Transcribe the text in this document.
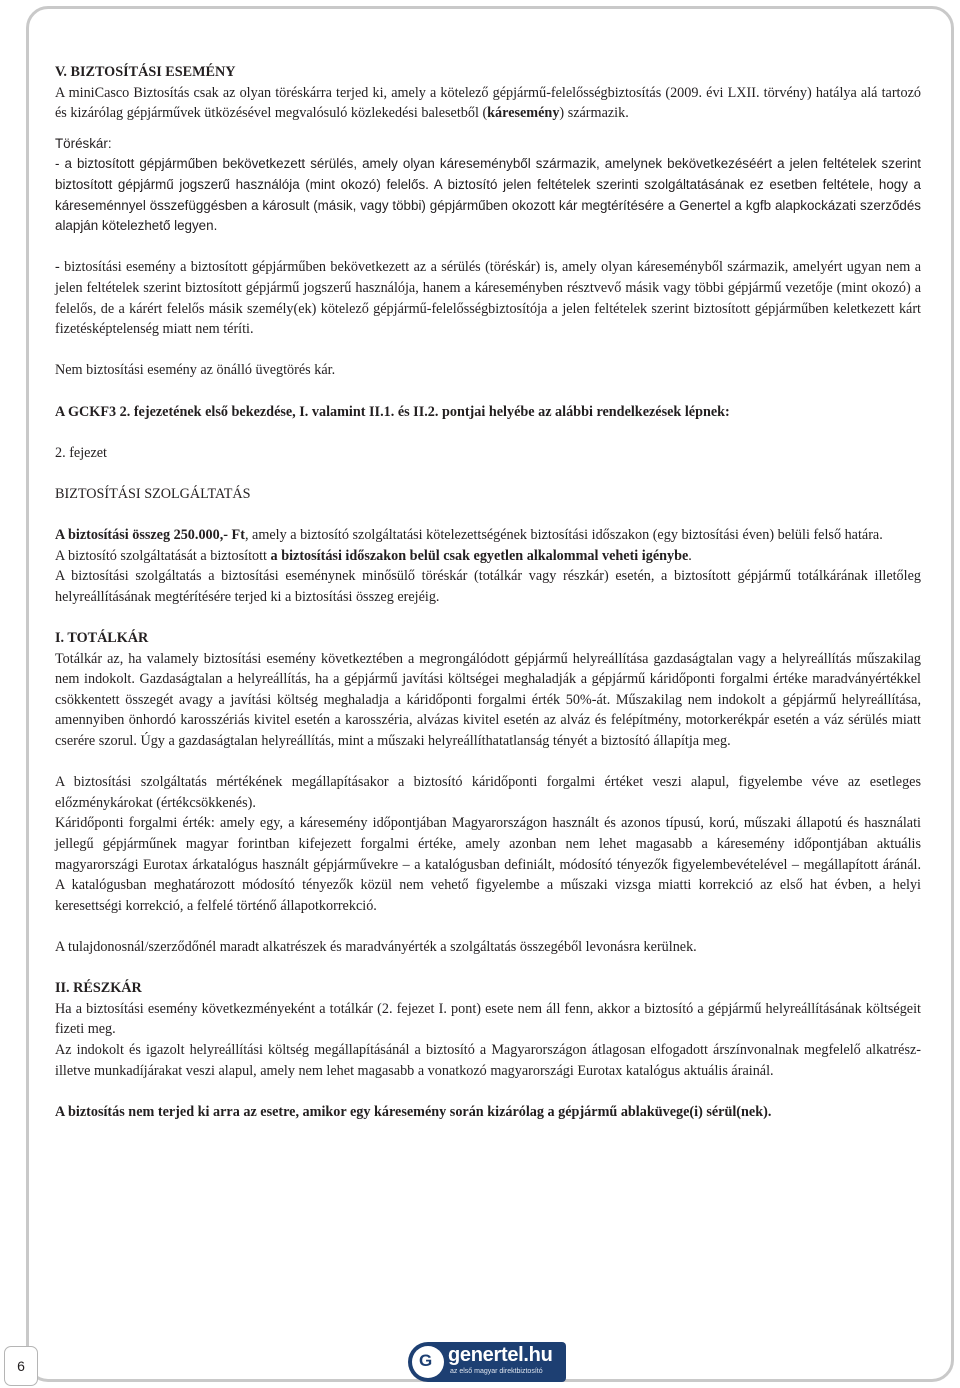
V. BIZTOSÍTÁSI ESEMÉNY

A miniCasco Biztosítás csak az olyan töréskárra terjed ki, amely a kötelező gépjármű-felelősségbiztosítás (2009. évi LXII. törvény) hatálya alá tartozó és kizárólag gépjárművek ütközésével megvalósuló közlekedési balesetből (káresemény) származik.

Töréskár:

- a biztosított gépjárműben bekövetkezett sérülés, amely olyan káreseményből származik, amelynek bekövetkezéséért a jelen feltételek szerint biztosított gépjármű jogszerű használója (mint okozó) felelős. A biztosító jelen feltételek szerinti szolgáltatásának ez esetben feltétele, hogy a káreseménnyel összefüggésben a károsult (másik, vagy többi) gépjárműben okozott kár megtérítésére a Genertel a kgfb alapkockázati szerződés alapján kötelezhető legyen.

- biztosítási esemény a biztosított gépjárműben bekövetkezett az a sérülés (töréskár) is, amely olyan káreseményből származik, amelyért ugyan nem a jelen feltételek szerint biztosított gépjármű jogszerű használója, hanem a káreseményben résztvevő másik vagy többi gépjármű vezetője (mint okozó) a felelős, de a kárért felelős másik személy(ek) kötelező gépjármű-felelősségbiztosítója a jelen feltételek szerint biztosított gépjárműben keletkezett kárt fizetésképtelenség miatt nem téríti.

Nem biztosítási esemény az önálló üvegtörés kár.

A GCKF3 2. fejezetének első bekezdése, I. valamint II.1. és II.2. pontjai helyébe az alábbi rendelkezések lépnek:

2. fejezet

BIZTOSÍTÁSI SZOLGÁLTATÁS

A biztosítási összeg 250.000,- Ft, amely a biztosító szolgáltatási kötelezettségének biztosítási időszakon (egy biztosítási éven) belüli felső határa.

A biztosító szolgáltatását a biztosított a biztosítási időszakon belül csak egyetlen alkalommal veheti igénybe.

A biztosítási szolgáltatás a biztosítási eseménynek minősülő töréskár (totálkár vagy részkár) esetén, a biztosított gépjármű totálkárának illetőleg helyreállításának megtérítésére terjed ki a biztosítási összeg erejéig.

I. TOTÁLKÁR

Totálkár az, ha valamely biztosítási esemény következtében a megrongálódott gépjármű helyreállítása gazdaságtalan vagy a helyreállítás műszakilag nem indokolt. Gazdaságtalan a helyreállítás, ha a gépjármű javítási költségei meghaladják a gépjármű káridőponti forgalmi értéke maradványértékkel csökkentett összegét avagy a javítási költség meghaladja a káridőponti forgalmi érték 50%-át. Műszakilag nem indokolt a gépjármű helyreállítása, amennyiben önhordó karosszériás kivitel esetén a karosszéria, alvázas kivitel esetén az alváz és felépítmény, motorkerékpár esetén a váz sérülés miatt cserére szorul. Úgy a gazdaságtalan helyreállítás, mint a műszaki helyreállíthatatlanság tényét a biztosító állapítja meg.

A biztosítási szolgáltatás mértékének megállapításakor a biztosító káridőponti forgalmi értéket veszi alapul, figyelembe véve az esetleges előzménykárokat (értékcsökkenés).

Káridőponti forgalmi érték: amely egy, a káresemény időpontjában Magyarországon használt és azonos típusú, korú, műszaki állapotú és használati jellegű gépjárműnek magyar forintban kifejezett forgalmi értéke, amely azonban nem lehet magasabb a káresemény időpontjában aktuális magyarországi Eurotax árkatalógus használt gépjárművekre – a katalógusban definiált, módosító tényezők figyelembevételével – megállapított áránál. A katalógusban meghatározott módosító tényezők közül nem vehető figyelembe a műszaki vizsga miatti korrekció az első hat évben, a helyi keresettségi korrekció, a felfelé történő állapotkorrekció.

A tulajdonosnál/szerződőnél maradt alkatrészek és maradványérték a szolgáltatás összegéből levonásra kerülnek.

II. RÉSZKÁR

Ha a biztosítási esemény következményeként a totálkár (2. fejezet I. pont) esete nem áll fenn, akkor a biztosító a gépjármű helyreállításának költségeit fizeti meg.

Az indokolt és igazolt helyreállítási költség megállapításánál a biztosító a Magyarországon átlagosan elfogadott árszínvonalnak megfelelő alkatrész- illetve munkadíjárakat veszi alapul, amely nem lehet magasabb a vonatkozó magyarországi Eurotax katalógus aktuális árainál.

A biztosítás nem terjed ki arra az esetre, amikor egy káresemény során kizárólag a gépjármű ablaküvege(i) sérül(nek).
6	G genertel.hu
az első magyar direktbiztosító
